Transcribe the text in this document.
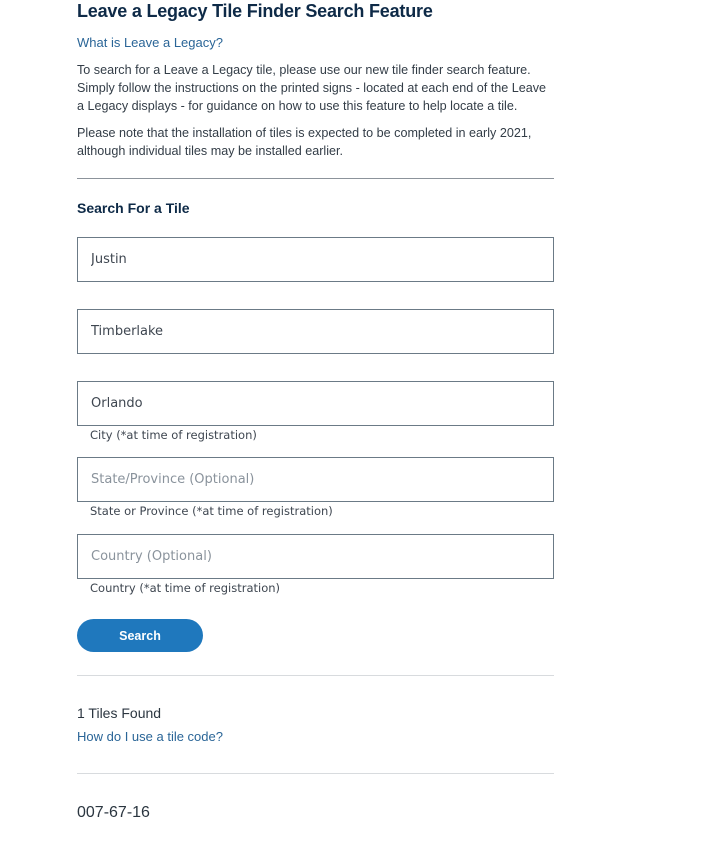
Leave a Legacy Tile Finder Search Feature
What is Leave a Legacy?

To search for a Leave a Legacy tile, please use our new tile finder search feature. Simply follow the instructions on the printed signs - located at each end of the Leave a Legacy displays - for guidance on how to use this feature to help locate a tile.

Please note that the installation of tiles is expected to be completed in early 2021, although individual tiles may be installed earlier.

Search For a Tile
Justin
Timberlake
Orlando
City (*at time of registration)
State/Province (Optional)
State or Province (*at time of registration)
Country (Optional)
Country (*at time of registration)
Search
1 Tiles Found
How do I use a tile code?
007-67-16
